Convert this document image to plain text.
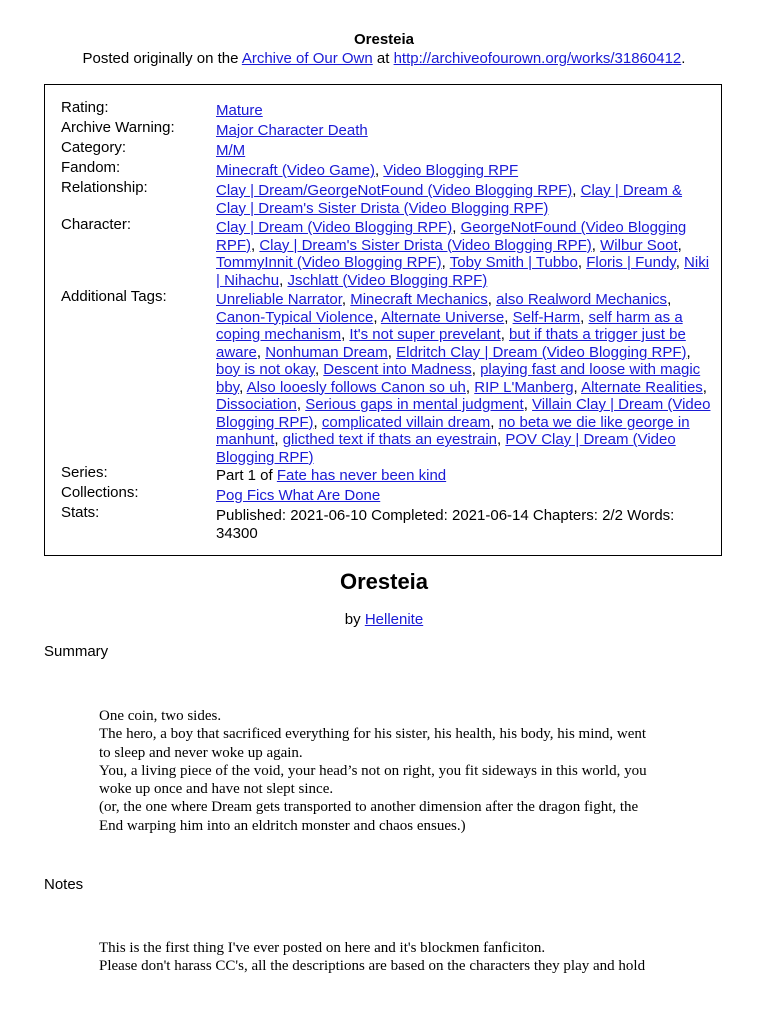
Oresteia
Posted originally on the Archive of Our Own at http://archiveofourown.org/works/31860412.
Rating:	Mature
Archive Warning:	Major Character Death
Category:	M/M
Fandom:	Minecraft (Video Game), Video Blogging RPF
Relationship:	Clay | Dream/GeorgeNotFound (Video Blogging RPF), Clay | Dream & Clay | Dream's Sister Drista (Video Blogging RPF)
Character:	Clay | Dream (Video Blogging RPF), GeorgeNotFound (Video Blogging RPF), Clay | Dream's Sister Drista (Video Blogging RPF), Wilbur Soot, TommyInnit (Video Blogging RPF), Toby Smith | Tubbo, Floris | Fundy, Niki | Nihachu, Jschlatt (Video Blogging RPF)
Additional Tags:	Unreliable Narrator, Minecraft Mechanics, also Realword Mechanics, Canon-Typical Violence, Alternate Universe, Self-Harm, self harm as a coping mechanism, It's not super prevelant, but if thats a trigger just be aware, Nonhuman Dream, Eldritch Clay | Dream (Video Blogging RPF), boy is not okay, Descent into Madness, playing fast and loose with magic bby, Also looesly follows Canon so uh, RIP L'Manberg, Alternate Realities, Dissociation, Serious gaps in mental judgment, Villain Clay | Dream (Video Blogging RPF), complicated villain dream, no beta we die like george in manhunt, glicthed text if thats an eyestrain, POV Clay | Dream (Video Blogging RPF)
Series:	Part 1 of Fate has never been kind
Collections:	Pog Fics What Are Done
Stats:	Published: 2021-06-10 Completed: 2021-06-14 Chapters: 2/2 Words: 34300
Oresteia
by Hellenite
Summary
One coin, two sides.
The hero, a boy that sacrificed everything for his sister, his health, his body, his mind, went
to sleep and never woke up again.
You, a living piece of the void, your head’s not on right, you fit sideways in this world, you
woke up once and have not slept since.
(or, the one where Dream gets transported to another dimension after the dragon fight, the
End warping him into an eldritch monster and chaos ensues.)
Notes
This is the first thing I've ever posted on here and it's blockmen fanficiton.
Please don't harass CC's, all the descriptions are based on the characters they play and hold
